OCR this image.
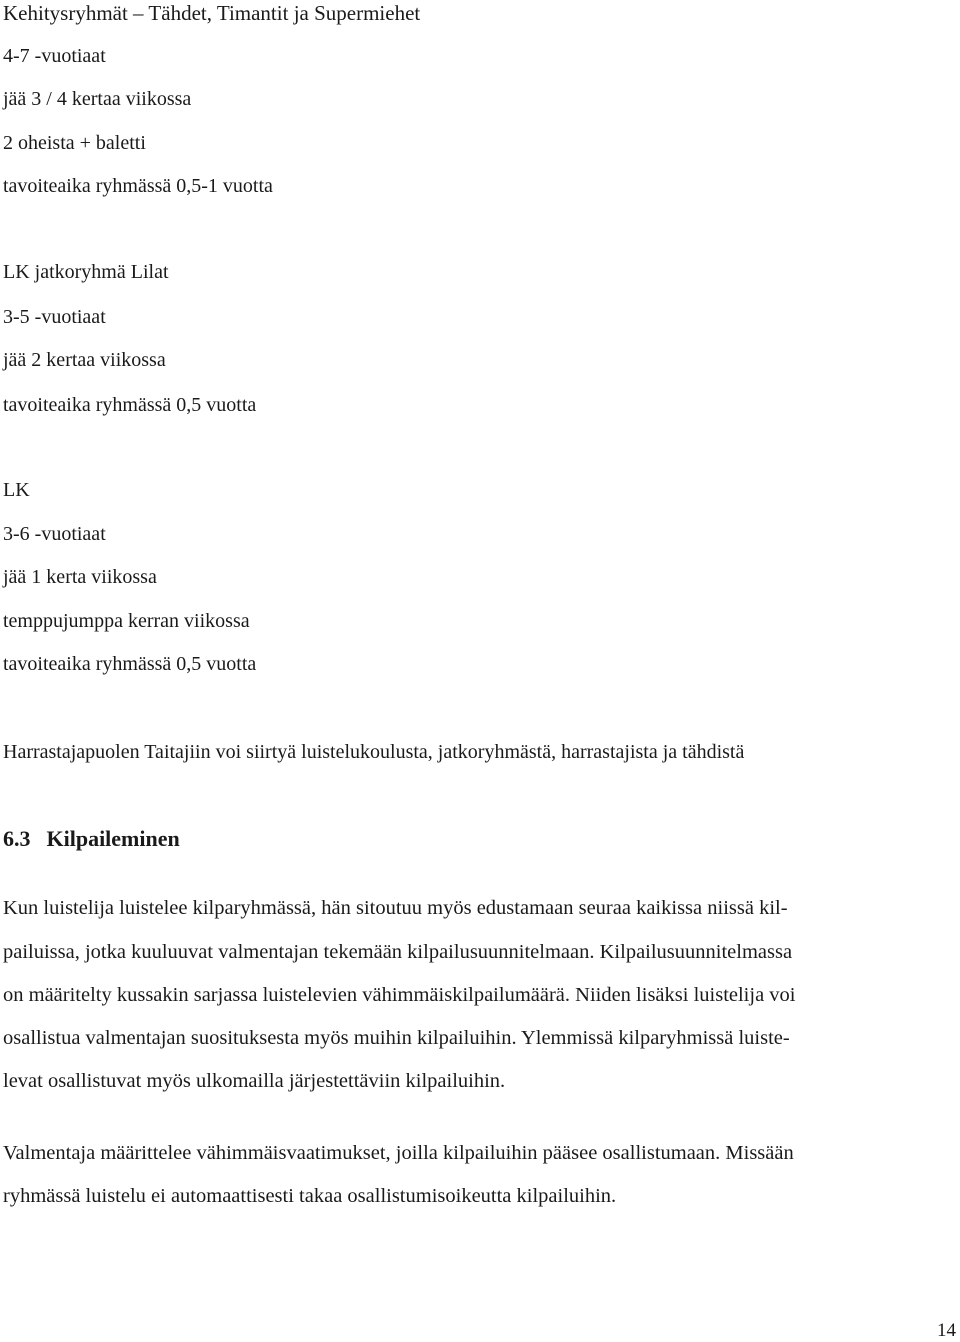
Kehitysryhmät – Tähdet, Timantit ja Supermiehet
4-7 -vuotiaat
jää 3 / 4 kertaa viikossa
2 oheista + baletti
tavoiteaika ryhmässä 0,5-1 vuotta
LK jatkoryhmä Lilat
3-5 -vuotiaat
jää 2 kertaa viikossa
tavoiteaika ryhmässä 0,5 vuotta
LK
3-6 -vuotiaat
jää 1 kerta viikossa
temppujumppa kerran viikossa
tavoiteaika ryhmässä 0,5 vuotta
Harrastajapuolen Taitajiin voi siirtyä luistelukoulusta, jatkoryhmästä, harrastajista ja tähdistä
6.3 Kilpaileminen
Kun luistelija luistelee kilparyhmässä, hän sitoutuu myös edustamaan seuraa kaikissa niissä kil-
pailuissa, jotka kuuluuvat valmentajan tekemään kilpailusuunnitelmaan. Kilpailusuunnitelmassa
on määritelty kussakin sarjassa luistelevien vähimmäiskilpailumäärä. Niiden lisäksi luistelija voi
osallistua valmentajan suosituksesta myös muihin kilpailuihin. Ylemmissä kilparyhmissä luiste-
levat osallistuvat myös ulkomailla järjestettäviin kilpailuihin.
Valmentaja määrittelee vähimmäisvaatimukset, joilla kilpailuihin pääsee osallistumaan. Missään
ryhmässä luistelu ei automaattisesti takaa osallistumisoikeutta kilpailuihin.
14
